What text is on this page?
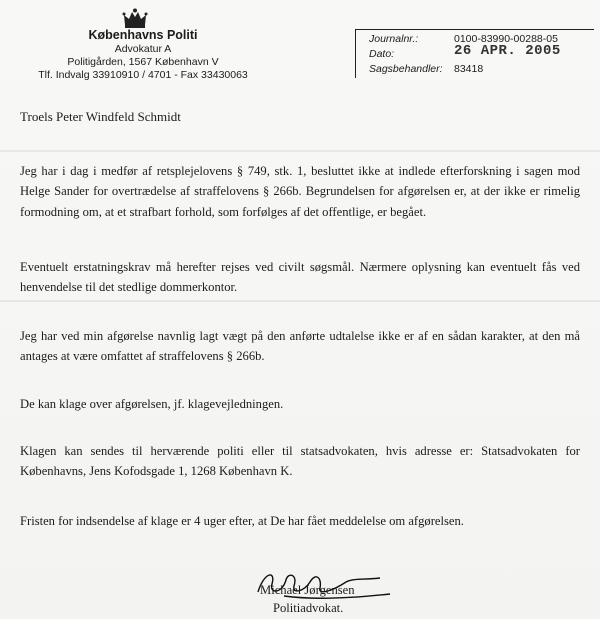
Københavns Politi
Advokatur A
Politigården, 1567 København V
Tlf. Indvalg 33910910 / 4701 - Fax 33430063
Journalnr.:	0100-83990-00288-05
Dato:	26 APR. 2005
Sagsbehandler: 83418
Troels Peter Windfeld Schmidt
Jeg har i dag i medfør af retsplejelovens § 749, stk. 1, besluttet ikke at indlede efterforskning i sagen mod Helge Sander for overtrædelse af straffelovens § 266b. Begrundelsen for afgørelsen er, at der ikke er rimelig formodning om, at et strafbart forhold, som forfølges af det offentlige, er begået.
Eventuelt erstatningskrav må herefter rejses ved civilt søgsmål. Nærmere oplysning kan eventuelt fås ved henvendelse til det stedlige dommerkontor.
Jeg har ved min afgørelse navnlig lagt vægt på den anførte udtalelse ikke er af en sådan karakter, at den må antages at være omfattet af straffelovens § 266b.
De kan klage over afgørelsen, jf. klagevejledningen.
Klagen kan sendes til herværende politi eller til statsadvokaten, hvis adresse er: Statsadvokaten for Københavns, Jens Kofodsgade 1, 1268 København K.
Fristen for indsendelse af klage er 4 uger efter, at De har fået meddelelse om afgørelsen.
Michael Jørgensen
Politiadvokat.
